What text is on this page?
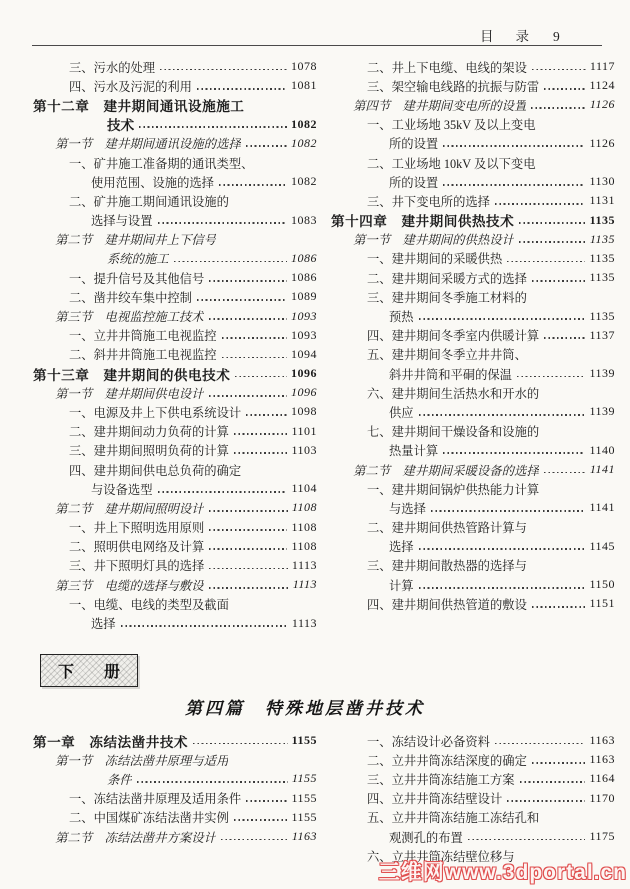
目录 9
三、污水的处理	1078
四、污水及污泥的利用	1081
第十二章　建井期间通讯设施施工
技术	1082
第一节　建井期间通讯设施的选择	1082
一、矿井施工准备期的通讯类型、
使用范围、设施的选择	1082
二、矿井施工期间通讯设施的
选择与设置	1083
第二节　建井期间井上下信号
系统的施工	1086
一、提升信号及其他信号	1086
二、凿井绞车集中控制	1089
第三节　电视监控施工技术	1093
一、立井井筒施工电视监控	1093
二、斜井井筒施工电视监控	1094
第十三章　建井期间的供电技术	1096
第一节　建井期间供电设计	1096
一、电源及井上下供电系统设计	1098
二、建井期间动力负荷的计算	1101
三、建井期间照明负荷的计算	1103
四、建井期间供电总负荷的确定
与设备选型	1104
第二节　建井期间照明设计	1108
一、井上下照明选用原则	1108
二、照明供电网络及计算	1108
三、井下照明灯具的选择	1113
第三节　电缆的选择与敷设	1113
一、电缆、电线的类型及截面
选择	1113
二、井上下电缆、电线的架设	1117
三、架空输电线路的抗振与防雷	1124
第四节　建井期间变电所的设置	1126
一、工业场地 35kV 及以上变电
所的设置	1126
二、工业场地 10kV 及以下变电
所的设置	1130
三、井下变电所的选择	1131
第十四章　建井期间供热技术	1135
第一节　建井期间的供热设计	1135
一、建井期间的采暖供热	1135
二、建井期间采暖方式的选择	1135
三、建井期间冬季施工材料的
预热	1135
四、建井期间冬季室内供暖计算	1137
五、建井期间冬季立井井筒、
斜井井筒和平硐的保温	1139
六、建井期间生活热水和开水的
供应	1139
七、建井期间干燥设备和设施的
热量计算	1140
第二节　建井期间采暖设备的选择	1141
一、建井期间锅炉供热能力计算
与选择	1141
二、建井期间供热管路计算与
选择	1145
三、建井期间散热器的选择与
计算	1150
四、建井期间供热管道的敷设	1151
下册
第四篇　特殊地层凿井技术
第一章　冻结法凿井技术	1155
第一节　冻结法凿井原理与适用
条件	1155
一、冻结法凿井原理及适用条件	1155
二、中国煤矿冻结法凿井实例	1155
第二节　冻结法凿井方案设计	1163
一、冻结设计必备资料	1163
二、立井井筒冻结深度的确定	1163
三、立井井筒冻结施工方案	1164
四、立井井筒冻结壁设计	1170
五、立井井筒冻结施工冻结孔和
观测孔的布置	1175
六、立井井筒冻结壁位移与
三维网www.3dportal.cn
